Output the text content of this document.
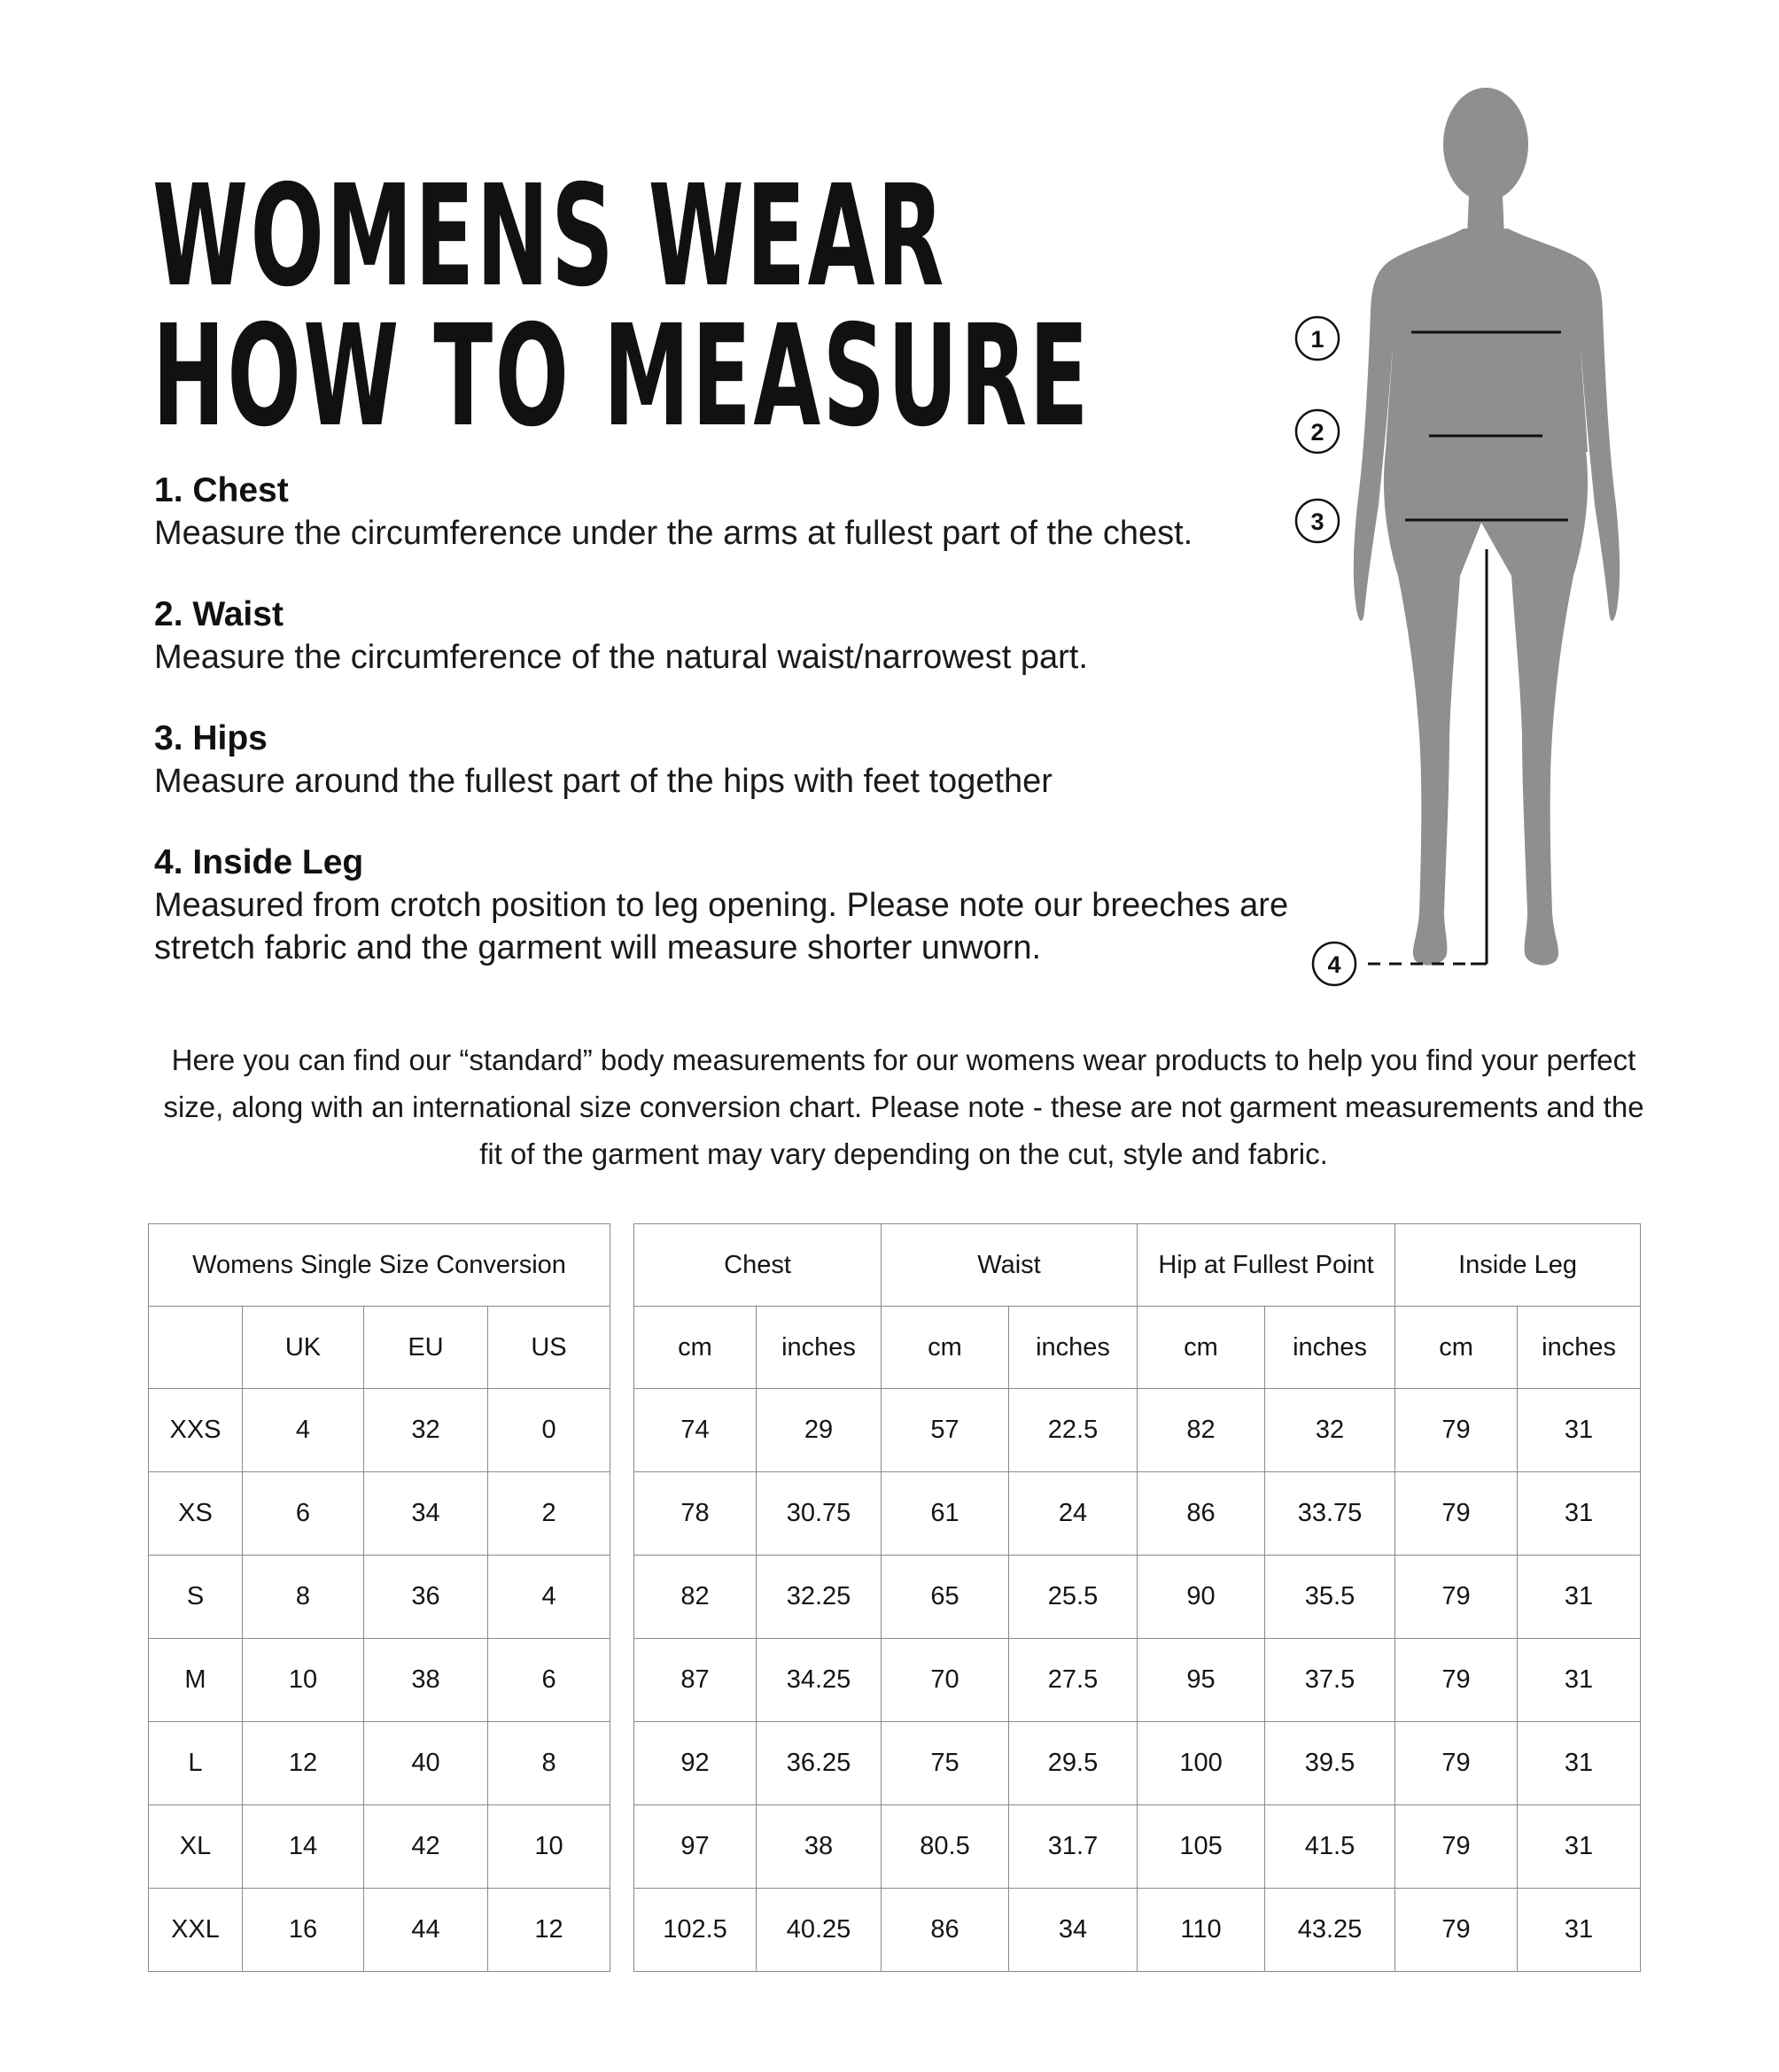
WOMENS WEAR
HOW TO MEASURE
1. Chest

Measure the circumference under the arms at fullest part of the chest.

2. Waist

Measure the circumference of the natural waist/narrowest part.

3. Hips

Measure around the fullest part of the hips with feet together

4. Inside Leg

Measured from crotch position to leg opening. Please note our breeches are stretch fabric and the garment will measure shorter unworn.

1
2
3
4

Here you can find our “standard” body measurements for our womens wear products to help you find your perfect size, along with an international size conversion chart. Please note - these are not garment measurements and the fit of the garment may vary depending on the cut, style and fabric.

Womens Single Size Conversion			
	UK	EU	US
XXS	4	32	0
XS	6	34	2
S	8	36	4
M	10	38	6
L	12	40	8
XL	14	42	10
XXL	16	44	12
Chest		Waist		Hip at Fullest Point		Inside Leg	
cm	inches	cm	inches	cm	inches	cm	inches
74	29	57	22.5	82	32	79	31
78	30.75	61	24	86	33.75	79	31
82	32.25	65	25.5	90	35.5	79	31
87	34.25	70	27.5	95	37.5	79	31
92	36.25	75	29.5	100	39.5	79	31
97	38	80.5	31.7	105	41.5	79	31
102.5	40.25	86	34	110	43.25	79	31
